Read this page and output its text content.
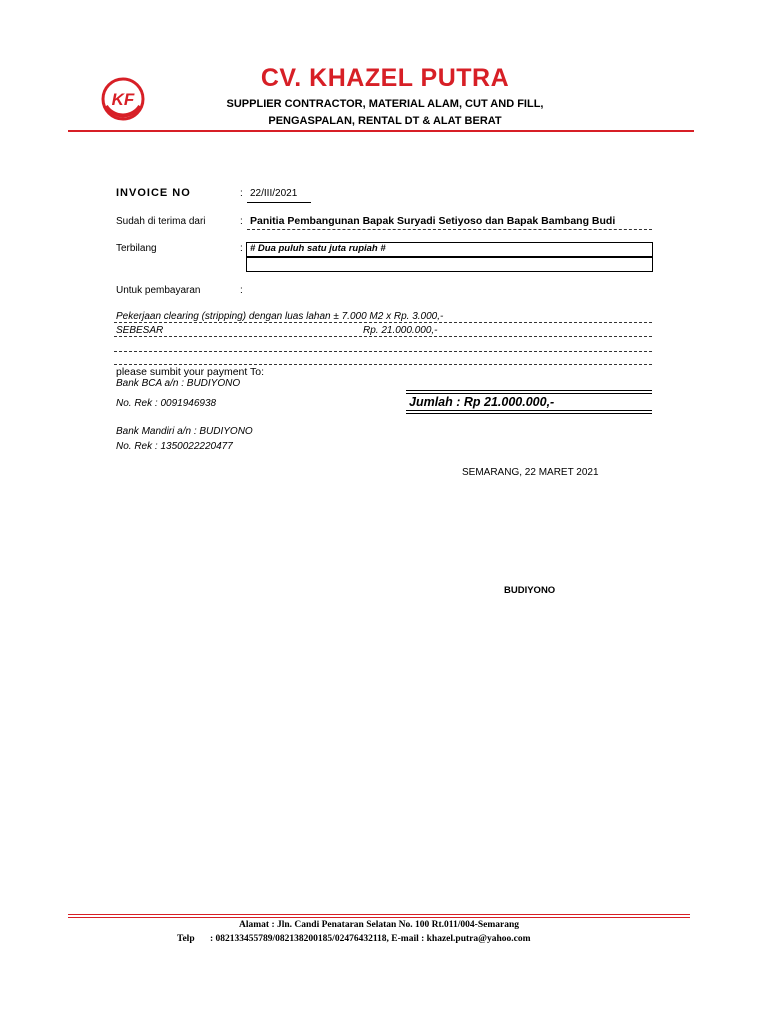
KF
CV. KHAZEL PUTRA
SUPPLIER CONTRACTOR, MATERIAL ALAM, CUT AND FILL,
PENGASPALAN, RENTAL DT & ALAT BERAT
INVOICE NO	: 22/III/2021
Sudah di terima dari	: Panitia Pembangunan Bapak Suryadi Setiyoso dan Bapak Bambang Budi
Terbilang	: # Dua puluh satu juta rupiah #
Untuk pembayaran	:
Pekerjaan clearing (stripping) dengan luas lahan ± 7.000 M2 x Rp. 3.000,-
SEBESAR	Rp. 21.000.000,-
please sumbit your payment To:
Bank BCA a/n : BUDIYONO
No. Rek : 0091946938	Jumlah : Rp 21.000.000,-
Bank Mandiri a/n : BUDIYONO
No. Rek : 1350022220477
SEMARANG, 22 MARET 2021
BUDIYONO
Alamat : Jln. Candi Penataran Selatan No. 100 Rt.011/004-Semarang
Telp : 082133455789/082138200185/02476432118, E-mail : khazel.putra@yahoo.com
